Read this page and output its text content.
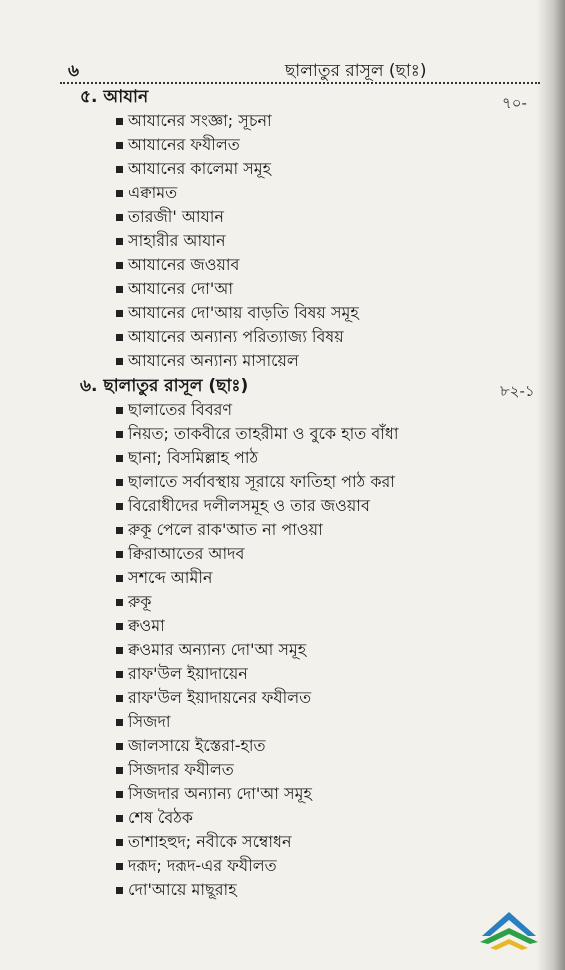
৬	ছালাতুর রাসূল (ছাঃ)
৭০-
৮২-১
৫. আযান
আযানের সংজ্ঞা; সূচনা
আযানের ফযীলত
আযানের কালেমা সমূহ
এক্বামত
তারজী' আযান
সাহারীর আযান
আযানের জওয়াব
আযানের দো'আ
আযানের দো'আয় বাড়তি বিষয় সমূহ
আযানের অন্যান্য পরিত্যাজ্য বিষয়
আযানের অন্যান্য মাসায়েল
৬. ছালাতুর রাসূল (ছাঃ)
ছালাতের বিবরণ
নিয়ত; তাকবীরে তাহরীমা ও বুকে হাত বাঁধা
ছানা; বিসমিল্লাহ পাঠ
ছালাতে সর্বাবস্থায় সূরায়ে ফাতিহা পাঠ করা
বিরোধীদের দলীলসমূহ ও তার জওয়াব
রুকূ পেলে রাক'আত না পাওয়া
ক্বিরাআতের আদব
সশব্দে আমীন
রুকূ
ক্বওমা
ক্বওমার অন্যান্য দো'আ সমূহ
রাফ'উল ইয়াদায়েন
রাফ'উল ইয়াদায়নের ফযীলত
সিজদা
জালসায়ে ইস্তেরা-হাত
সিজদার ফযীলত
সিজদার অন্যান্য দো'আ সমূহ
শেষ বৈঠক
তাশাহহুদ; নবীকে সম্বোধন
দরূদ; দরূদ-এর ফযীলত
দো'আয়ে মাছূরাহ
